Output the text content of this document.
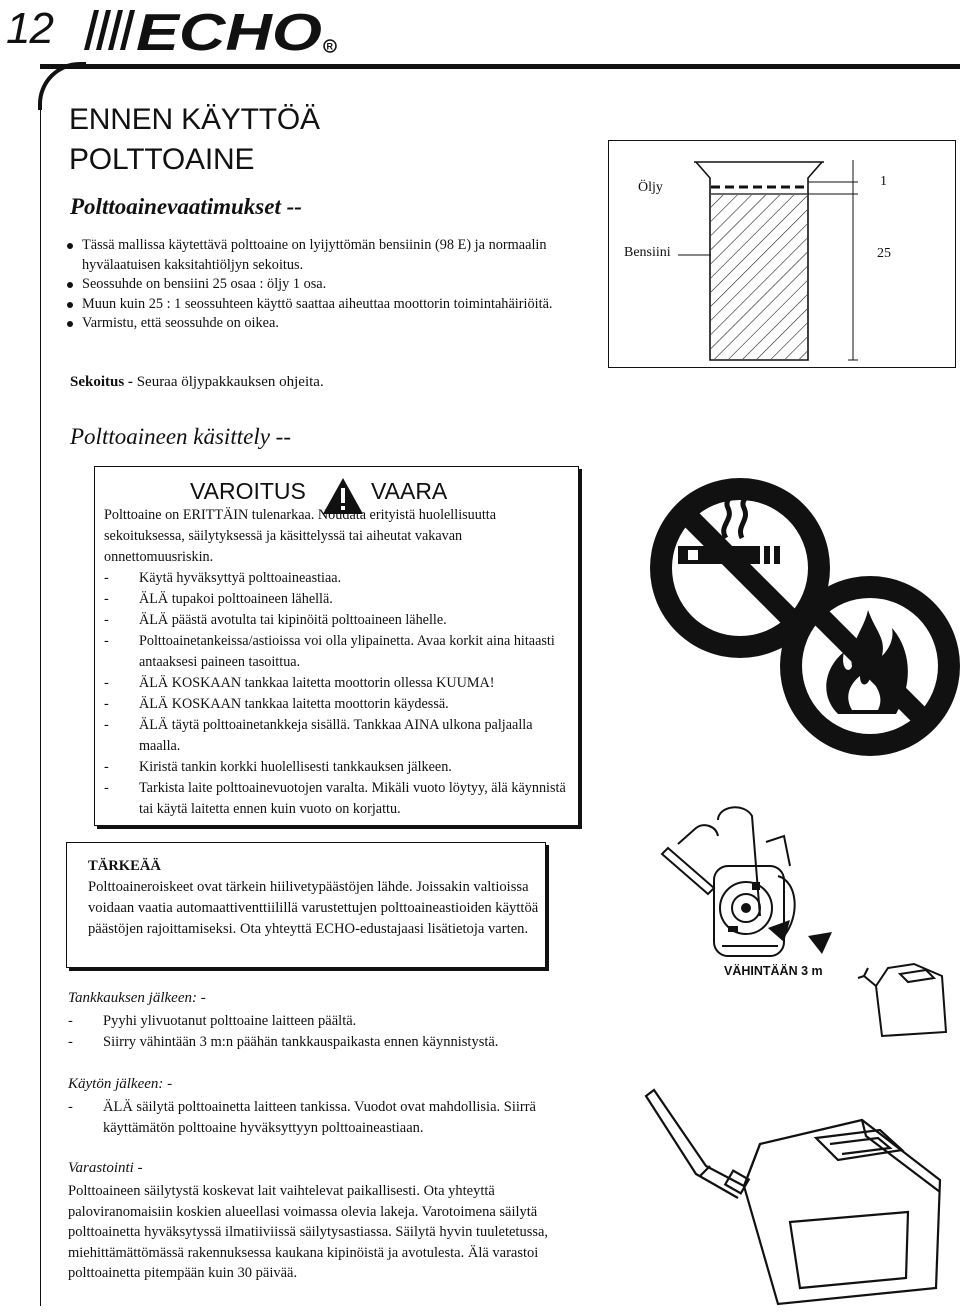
12 ECHO R
ENNEN KÄYTTÖÄ
POLTTOAINE
Polttoainevaatimukset --
Tässä mallissa käytettävä polttoaine on lyijyttömän bensiinin (98 E) ja normaalin hyvälaatuisen kaksitahtiöljyn sekoitus.
Seossuhde on bensiini 25 osaa : öljy 1 osa.
Muun kuin 25 : 1 seossuhteen käyttö saattaa aiheuttaa moottorin toimintahäiriöitä.
Varmistu, että seossuhde on oikea.
Öljy
Bensiini
1
25
Sekoitus - Seuraa öljypakkauksen ohjeita.
Polttoaineen käsittely --
VAROITUS	VAARA
Polttoaine on ERITTÄIN tulenarkaa. Noudata erityistä huolellisuutta sekoituksessa, säilytyksessä ja käsittelyssä tai aiheutat vakavan onnettomuusriskin.
-	Käytä hyväksyttyä polttoaineastiaa.
-	ÄLÄ tupakoi polttoaineen lähellä.
-	ÄLÄ päästä avotulta tai kipinöitä polttoaineen lähelle.
-	Polttoainetankeissa/astioissa voi olla ylipainetta. Avaa korkit aina hitaasti antaaksesi paineen tasoittua.
-	ÄLÄ KOSKAAN tankkaa laitetta moottorin ollessa KUUMA!
-	ÄLÄ KOSKAAN tankkaa laitetta moottorin käydessä.
-	ÄLÄ täytä polttoainetankkeja sisällä. Tankkaa AINA ulkona paljaalla maalla.
-	Kiristä tankin korkki huolellisesti tankkauksen jälkeen.
-	Tarkista laite polttoainevuotojen varalta. Mikäli vuoto löytyy, älä käynnistä tai käytä laitetta ennen kuin vuoto on korjattu.
TÄRKEÄÄ
Polttoaineroiskeet ovat tärkein hiilivetypäästöjen lähde. Joissakin valtioissa voidaan vaatia automaattiventtiilillä varustettujen polttoaineastioiden käyttöä päästöjen rajoittamiseksi. Ota yhteyttä ECHO-edustajaasi lisätietoja varten.
VÄHINTÄÄN 3 m
Tankkauksen jälkeen: -
-	Pyyhi ylivuotanut polttoaine laitteen päältä.
-	Siirry vähintään 3 m:n päähän tankkauspaikasta ennen käynnistystä.
Käytön jälkeen: -
-	ÄLÄ säilytä polttoainetta laitteen tankissa. Vuodot ovat mahdollisia. Siirrä käyttämätön polttoaine hyväksyttyyn polttoaineastiaan.
Varastointi -
Polttoaineen säilytystä koskevat lait vaihtelevat paikallisesti. Ota yhteyttä paloviranomaisiin koskien alueellasi voimassa olevia lakeja. Varotoimena säilytä polttoainetta hyväksytyssä ilmatiiviissä säilytysastiassa. Säilytä hyvin tuuletetussa, miehittämättömässä rakennuksessa kaukana kipinöistä ja avotulesta. Älä varastoi polttoainetta pitempään kuin 30 päivää.
